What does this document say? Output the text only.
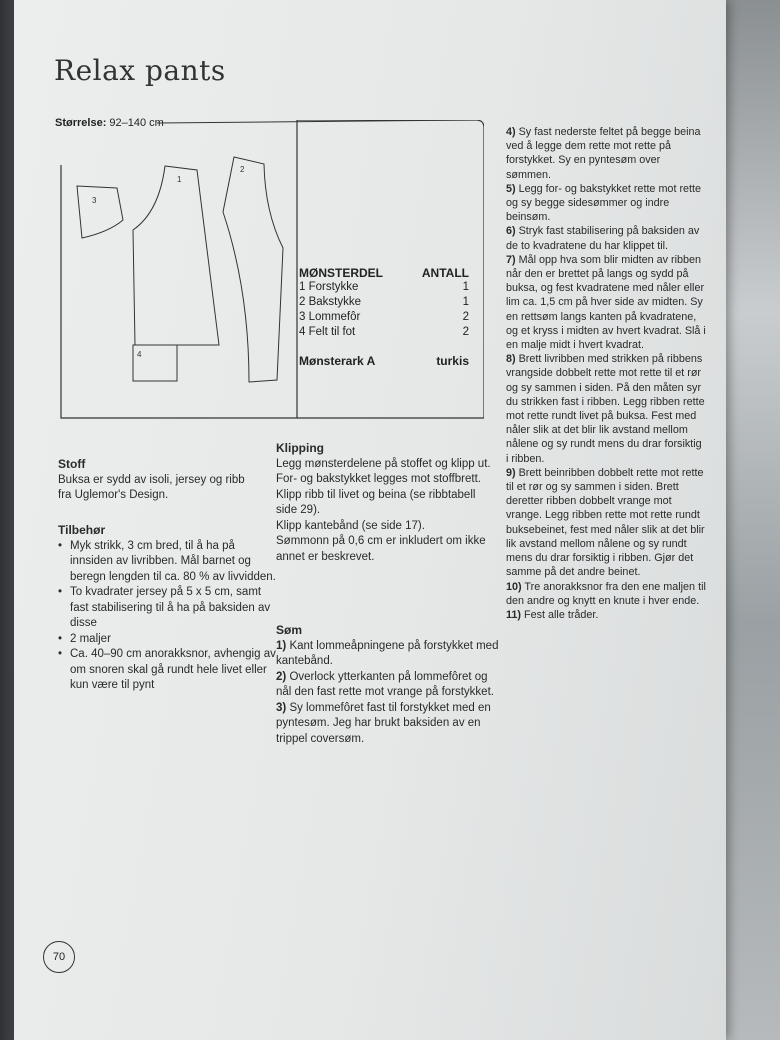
Relax pants
Størrelse: 92–140 cm
3
1
2
4
MØNSTERDEL	ANTALL
1 Forstykke	1
2 Bakstykke	1
3 Lommefôr	2
4 Felt til fot	2
Mønsterark A	turkis
Stoff
Buksa er sydd av isoli, jersey og ribb fra Uglemor's Design.
Tilbehør
• Myk strikk, 3 cm bred, til å ha på innsiden av livribben. Mål barnet og beregn lengden til ca. 80 % av livvidden.
• To kvadrater jersey på 5 x 5 cm, samt fast stabilisering til å ha på baksiden av disse
• 2 maljer
• Ca. 40–90 cm anorakksnor, avhengig av om snoren skal gå rundt hele livet eller kun være til pynt
Klipping
Legg mønsterdelene på stoffet og klipp ut. For- og bakstykket legges mot stoffbrett.
Klipp ribb til livet og beina (se ribbtabell side 29).
Klipp kantebånd (se side 17).
Sømmonn på 0,6 cm er inkludert om ikke annet er beskrevet.
Søm
1) Kant lommeåpningene på forstykket med kantebånd.
2) Overlock ytterkanten på lommefôret og nål den fast rette mot vrange på forstykket.
3) Sy lommefôret fast til forstykket med en pyntesøm. Jeg har brukt baksiden av en trippel coversøm.
4) Sy fast nederste feltet på begge beina ved å legge dem rette mot rette på forstykket. Sy en pyntesøm over sømmen.
5) Legg for- og bakstykket rette mot rette og sy begge sidesømmer og indre beinsøm.
6) Stryk fast stabilisering på baksiden av de to kvadratene du har klippet til.
7) Mål opp hva som blir midten av ribben når den er brettet på langs og sydd på buksa, og fest kvadratene med nåler eller lim ca. 1,5 cm på hver side av midten. Sy en rettsøm langs kanten på kvadratene, og et kryss i midten av hvert kvadrat. Slå i en malje midt i hvert kvadrat.
8) Brett livribben med strikken på ribbens vrangside dobbelt rette mot rette til et rør og sy sammen i siden. På den måten syr du strikken fast i ribben. Legg ribben rette mot rette rundt livet på buksa. Fest med nåler slik at det blir lik avstand mellom nålene og sy rundt mens du drar forsiktig i ribben.
9) Brett beinribben dobbelt rette mot rette til et rør og sy sammen i siden. Brett deretter ribben dobbelt vrange mot vrange. Legg ribben rette mot rette rundt buksebeinet, fest med nåler slik at det blir lik avstand mellom nålene og sy rundt mens du drar forsiktig i ribben. Gjør det samme på det andre beinet.
10) Tre anorakksnor fra den ene maljen til den andre og knytt en knute i hver ende.
11) Fest alle tråder.
70
